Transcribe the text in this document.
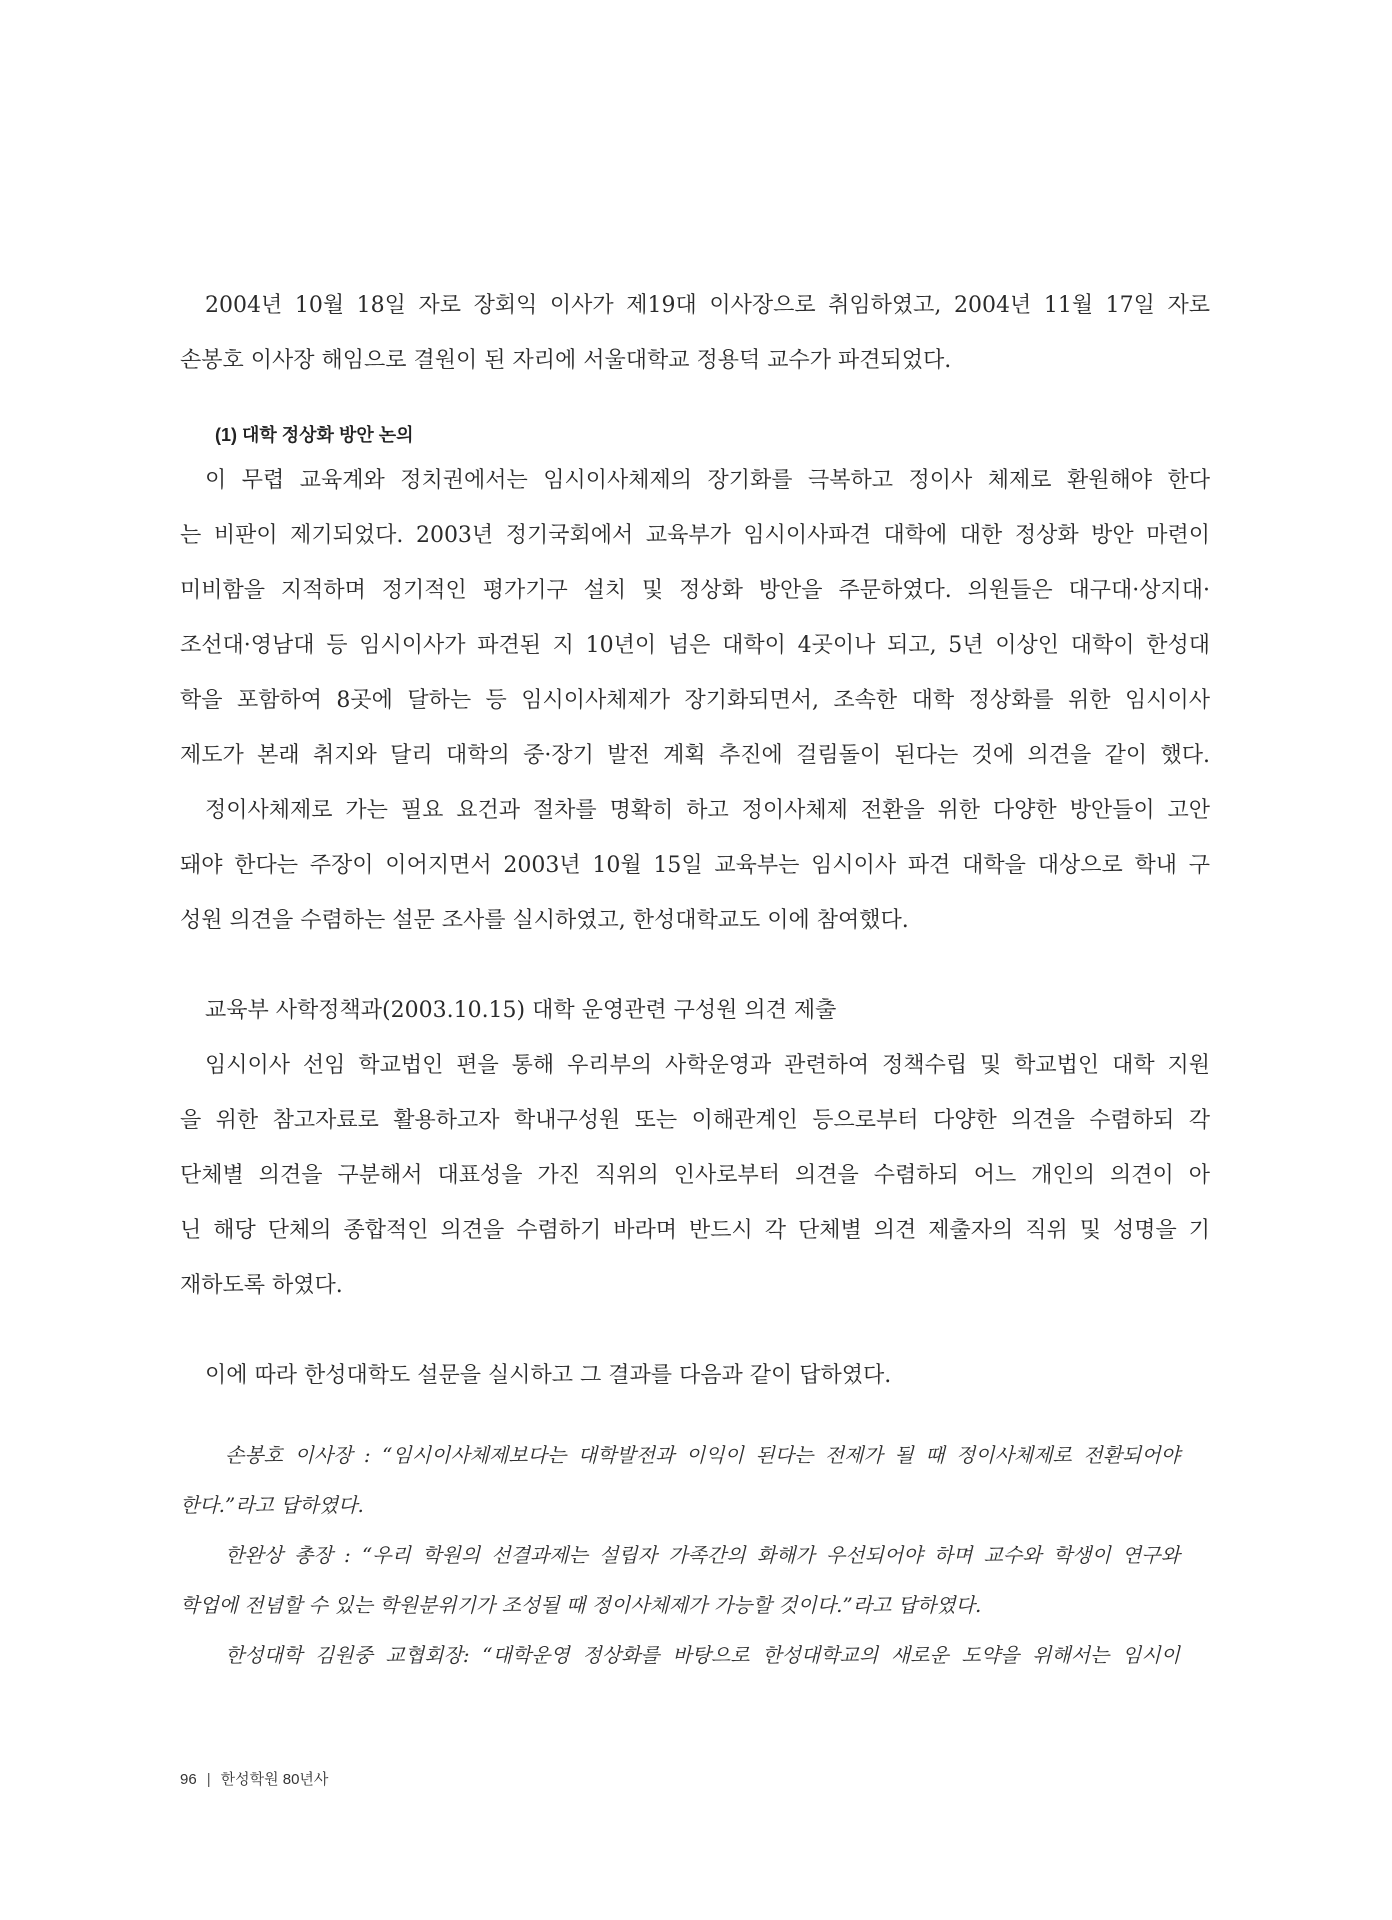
2004년 10월 18일 자로 장회익 이사가 제19대 이사장으로 취임하였고, 2004년 11월 17일 자로
손봉호 이사장 해임으로 결원이 된 자리에 서울대학교 정용덕 교수가 파견되었다.
(1) 대학 정상화 방안 논의
이 무렵 교육계와 정치권에서는 임시이사체제의 장기화를 극복하고 정이사 체제로 환원해야 한다
는 비판이 제기되었다. 2003년 정기국회에서 교육부가 임시이사파견 대학에 대한 정상화 방안 마련이
미비함을 지적하며 정기적인 평가기구 설치 및 정상화 방안을 주문하였다. 의원들은 대구대·상지대·
조선대·영남대 등 임시이사가 파견된 지 10년이 넘은 대학이 4곳이나 되고, 5년 이상인 대학이 한성대
학을 포함하여 8곳에 달하는 등 임시이사체제가 장기화되면서, 조속한 대학 정상화를 위한 임시이사
제도가 본래 취지와 달리 대학의 중·장기 발전 계획 추진에 걸림돌이 된다는 것에 의견을 같이 했다.
정이사체제로 가는 필요 요건과 절차를 명확히 하고 정이사체제 전환을 위한 다양한 방안들이 고안
돼야 한다는 주장이 이어지면서 2003년 10월 15일 교육부는 임시이사 파견 대학을 대상으로 학내 구
성원 의견을 수렴하는 설문 조사를 실시하였고, 한성대학교도 이에 참여했다.
교육부 사학정책과(2003.10.15) 대학 운영관련 구성원 의견 제출
임시이사 선임 학교법인 편을 통해 우리부의 사학운영과 관련하여 정책수립 및 학교법인 대학 지원
을 위한 참고자료로 활용하고자 학내구성원 또는 이해관계인 등으로부터 다양한 의견을 수렴하되 각
단체별 의견을 구분해서 대표성을 가진 직위의 인사로부터 의견을 수렴하되 어느 개인의 의견이 아
닌 해당 단체의 종합적인 의견을 수렴하기 바라며 반드시 각 단체별 의견 제출자의 직위 및 성명을 기
재하도록 하였다.
이에 따라 한성대학도 설문을 실시하고 그 결과를 다음과 같이 답하였다.
손봉호 이사장 : “임시이사체제보다는 대학발전과 이익이 된다는 전제가 될 때 정이사체제로 전환되어야
한다.”라고 답하였다.
한완상 총장 : “우리 학원의 선결과제는 설립자 가족간의 화해가 우선되어야 하며 교수와 학생이 연구와
학업에 전념할 수 있는 학원분위기가 조성될 때 정이사체제가 가능할 것이다.”라고 답하였다.
한성대학 김원중 교협회장: “대학운영 정상화를 바탕으로 한성대학교의 새로운 도약을 위해서는 임시이
96 | 한성학원 80년사
